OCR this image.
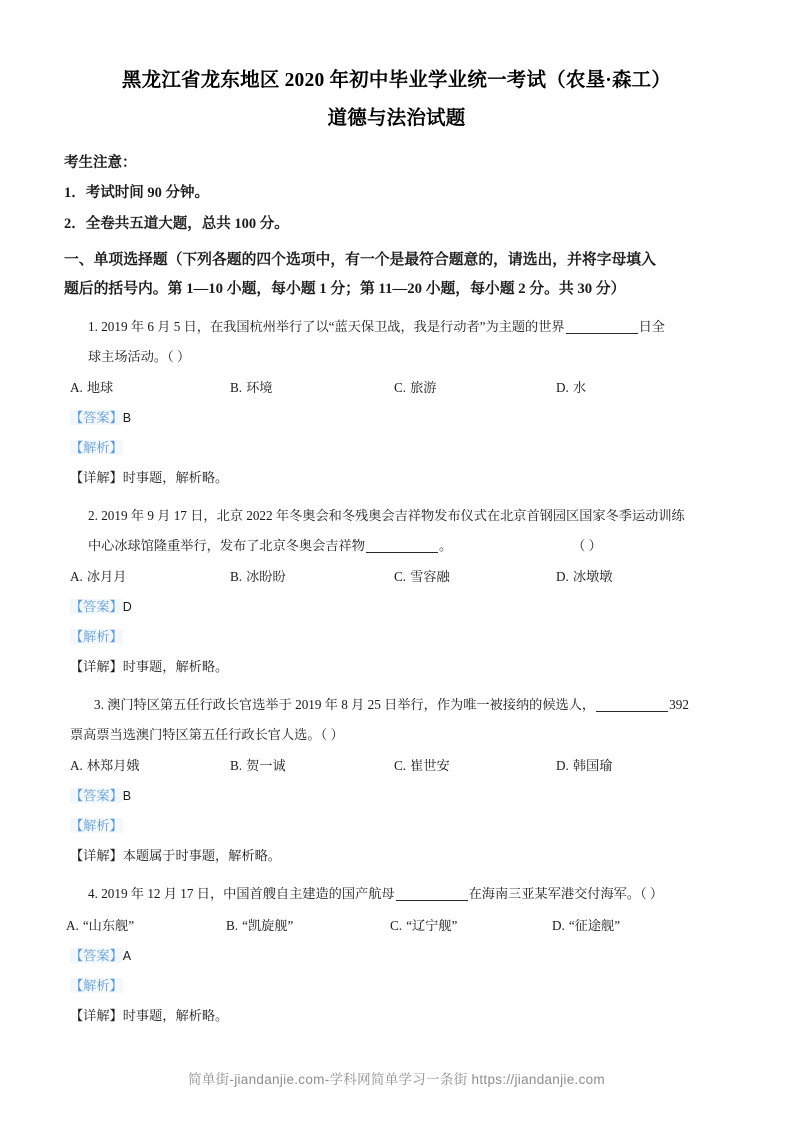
黑龙江省龙东地区 2020 年初中毕业学业统一考试（农垦·森工）
道德与法治试题
考生注意：
1．考试时间 90 分钟。
2．全卷共五道大题，总共 100 分。
一、单项选择题（下列各题的四个选项中，有一个是最符合题意的，请选出，并将字母填入
题后的括号内。第 1—10 小题，每小题 1 分；第 11—20 小题，每小题 2 分。共 30 分）
1. 2019 年 6 月 5 日，在我国杭州举行了以“蓝天保卫战，我是行动者”为主题的世界	日全
球主场活动。（ ）
A. 地球	B. 环境	C. 旅游	D. 水
【答案】B
【解析】
【详解】时事题，解析略。
2. 2019 年 9 月 17 日，北京 2022 年冬奥会和冬残奥会吉祥物发布仪式在北京首钢园区国家冬季运动训练
中心冰球馆隆重举行，发布了北京冬奥会吉祥物	。	（ ）
A. 冰月月	B. 冰盼盼	C. 雪容融	D. 冰墩墩
【答案】D
【解析】
【详解】时事题，解析略。
3. 澳门特区第五任行政长官选举于 2019 年 8 月 25 日举行，作为唯一被接纳的候选人，	392
票高票当选澳门特区第五任行政长官人选。（ ）
A. 林郑月娥	B. 贺一诚	C. 崔世安	D. 韩国瑜
【答案】B
【解析】
【详解】本题属于时事题，解析略。
4. 2019 年 12 月 17 日，中国首艘自主建造的国产航母	在海南三亚某军港交付海军。（ ）
A. “山东舰”	B. “凯旋舰”	C. “辽宁舰”	D. “征途舰”
【答案】A
【解析】
【详解】时事题，解析略。
简单街-jiandanjie.com-学科网简单学习一条街 https://jiandanjie.com
